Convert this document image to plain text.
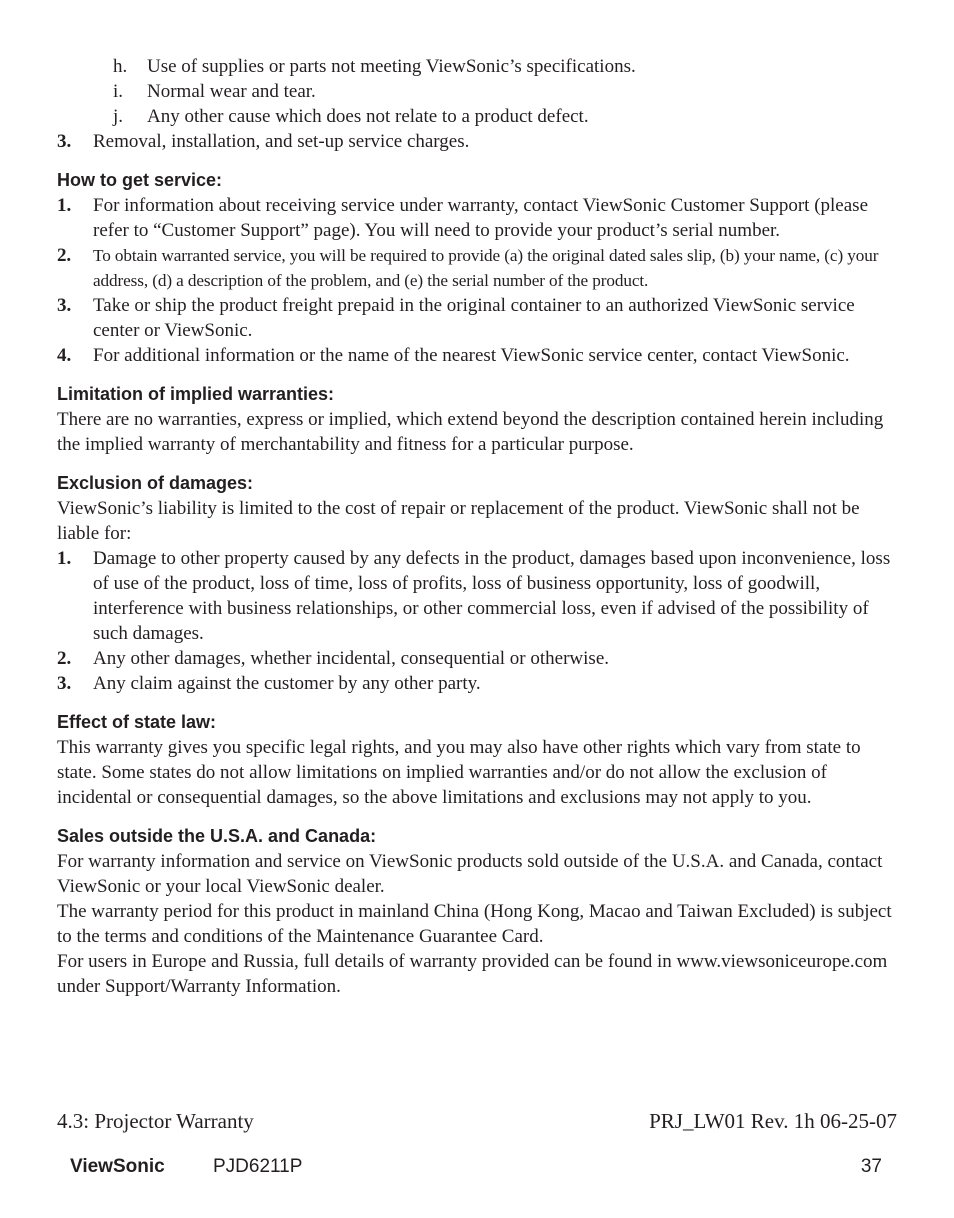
h. Use of supplies or parts not meeting ViewSonic’s specifications.
i. Normal wear and tear.
j. Any other cause which does not relate to a product defect.
3. Removal, installation, and set-up service charges.
How to get service:
1. For information about receiving service under warranty, contact ViewSonic Customer Support (please refer to “Customer Support” page). You will need to provide your product’s serial number.
2. To obtain warranted service, you will be required to provide (a) the original dated sales slip, (b) your name, (c) your address, (d) a description of the problem, and (e) the serial number of the product.
3. Take or ship the product freight prepaid in the original container to an authorized ViewSonic service center or ViewSonic.
4. For additional information or the name of the nearest ViewSonic service center, contact ViewSonic.
Limitation of implied warranties:

There are no warranties, express or implied, which extend beyond the description contained herein including the implied warranty of merchantability and fitness for a particular purpose.

Exclusion of damages:

ViewSonic’s liability is limited to the cost of repair or replacement of the product. ViewSonic shall not be liable for:

1. Damage to other property caused by any defects in the product, damages based upon inconvenience, loss of use of the product, loss of time, loss of profits, loss of business opportunity, loss of goodwill, interference with business relationships, or other commercial loss, even if advised of the possibility of such damages.
2. Any other damages, whether incidental, consequential or otherwise.
3. Any claim against the customer by any other party.
Effect of state law:

This warranty gives you specific legal rights, and you may also have other rights which vary from state to state. Some states do not allow limitations on implied warranties and/or do not allow the exclusion of incidental or consequential damages, so the above limitations and exclusions may not apply to you.

Sales outside the U.S.A. and Canada:

For warranty information and service on ViewSonic products sold outside of the U.S.A. and Canada, contact ViewSonic or your local ViewSonic dealer.

The warranty period for this product in mainland China (Hong Kong, Macao and Taiwan Excluded) is subject to the terms and conditions of the Maintenance Guarantee Card.

For users in Europe and Russia, full details of warranty provided can be found in www.viewsoniceurope.com under Support/Warranty Information.

4.3: Projector Warranty	PRJ_LW01 Rev. 1h 06-25-07
ViewSonic	PJD6211P	37
